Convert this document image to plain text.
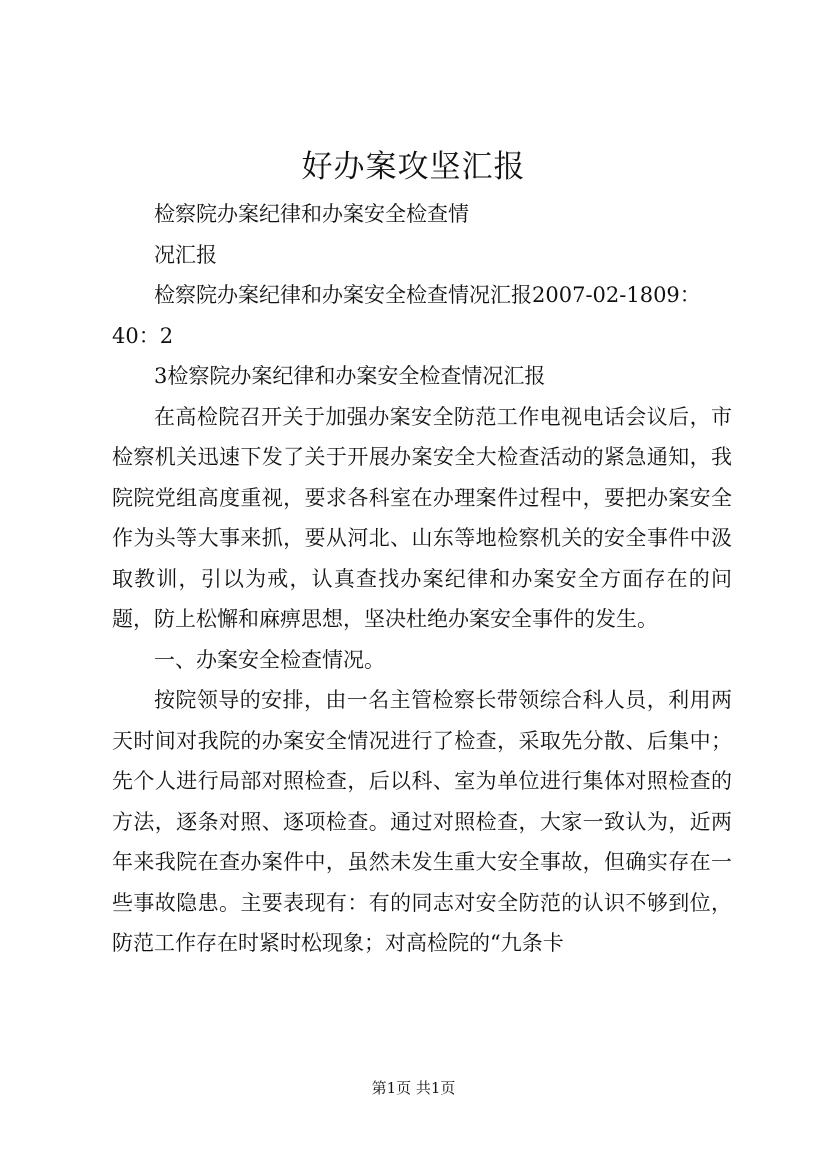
好办案攻坚汇报

检察院办案纪律和办案安全检查情

况汇报

检察院办案纪律和办案安全检查情况汇报2007-02-1809：40：2

3检察院办案纪律和办案安全检查情况汇报

在高检院召开关于加强办案安全防范工作电视电话会议后，市检察机关迅速下发了关于开展办案安全大检查活动的紧急通知，我院院党组高度重视，要求各科室在办理案件过程中，要把办案安全作为头等大事来抓，要从河北、山东等地检察机关的安全事件中汲取教训，引以为戒，认真查找办案纪律和办案安全方面存在的问题，防上松懈和麻痹思想，坚决杜绝办案安全事件的发生。

一、办案安全检查情况。

按院领导的安排，由一名主管检察长带领综合科人员，利用两天时间对我院的办案安全情况进行了检查，采取先分散、后集中；先个人进行局部对照检查，后以科、室为单位进行集体对照检查的方法，逐条对照、逐项检查。通过对照检查，大家一致认为，近两年来我院在查办案件中，虽然未发生重大安全事故，但确实存在一些事故隐患。主要表现有：有的同志对安全防范的认识不够到位，防范工作存在时紧时松现象；对高检院的“九条卡

第1页 共1页
